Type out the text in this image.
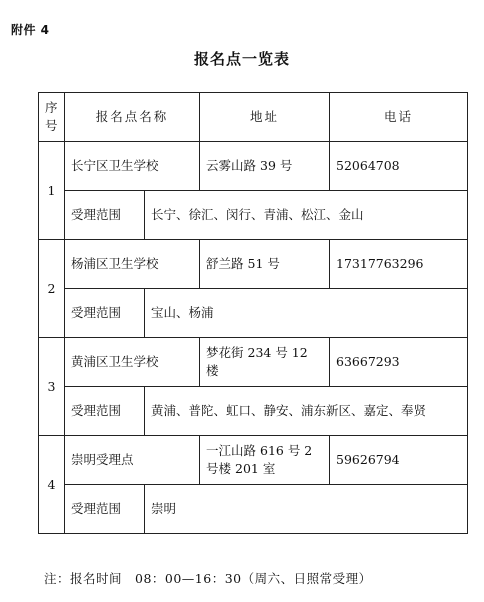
附件 4
报名点一览表
序
号	报名点名称		地址	电话
1	长宁区卫生学校		云雾山路 39 号	52064708
	受理范围	长宁、徐汇、闵行、青浦、松江、金山		
2	杨浦区卫生学校		舒兰路 51 号	17317763296
	受理范围	宝山、杨浦		
3	黄浦区卫生学校		梦花街 234 号 12 楼	63667293
	受理范围	黄浦、普陀、虹口、静安、浦东新区、嘉定、奉贤		
4	崇明受理点		一江山路 616 号 2 号楼 201 室	59626794
	受理范围	崇明		
注：报名时间　08：00—16：30（周六、日照常受理）
